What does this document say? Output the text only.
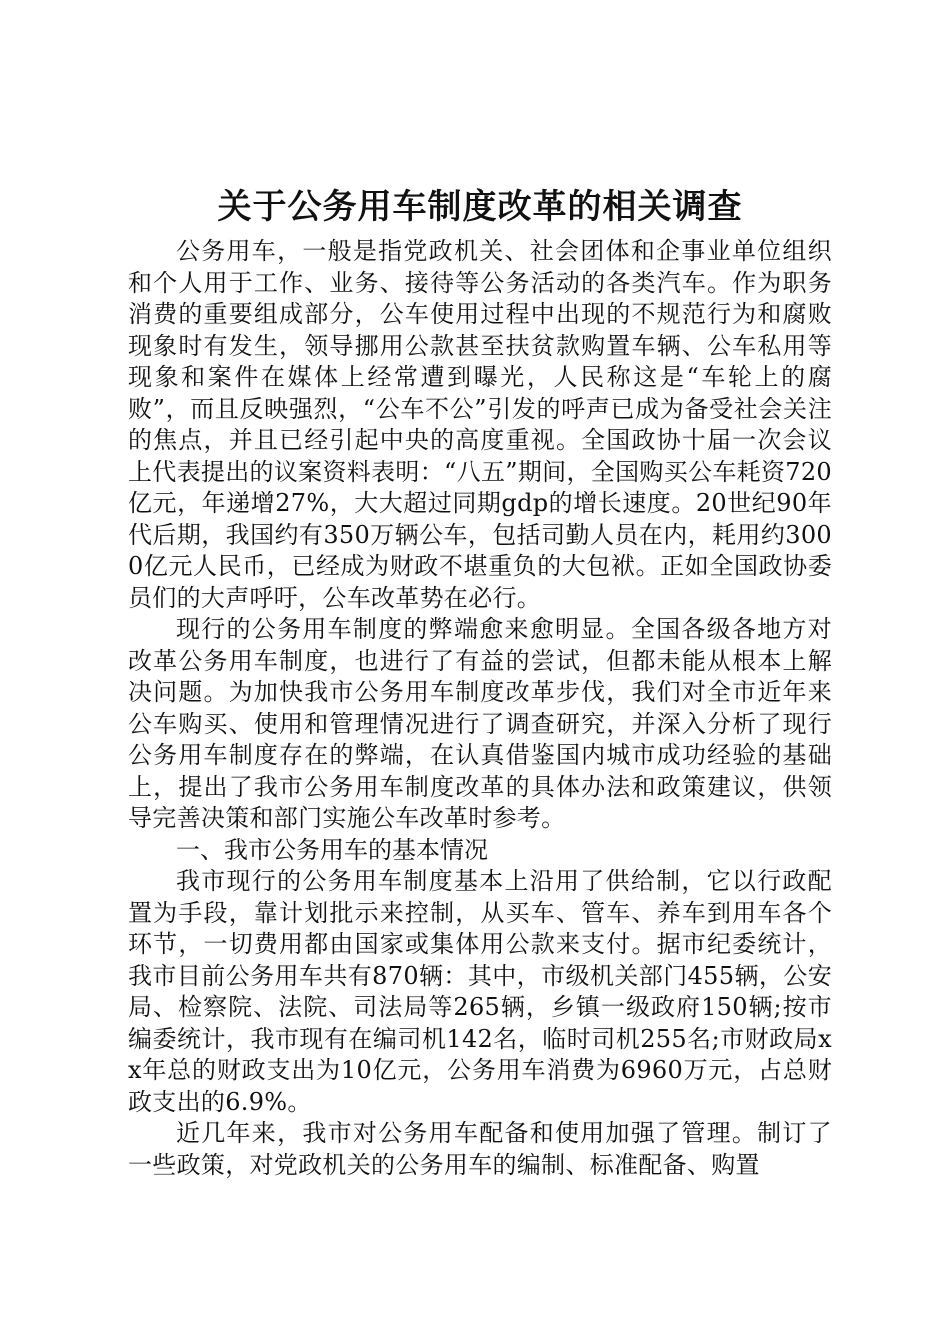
关于公务用车制度改革的相关调查

公务用车，一般是指党政机关、社会团体和企事业单位组织和个人用于工作、业务、接待等公务活动的各类汽车。作为职务消费的重要组成部分，公车使用过程中出现的不规范行为和腐败现象时有发生，领导挪用公款甚至扶贫款购置车辆、公车私用等现象和案件在媒体上经常遭到曝光，人民称这是“车轮上的腐败”，而且反映强烈，“公车不公”引发的呼声已成为备受社会关注的焦点，并且已经引起中央的高度重视。全国政协十届一次会议上代表提出的议案资料表明：“八五”期间，全国购买公车耗资720亿元，年递增27%，大大超过同期gdp的增长速度。20世纪90年代后期，我国约有350万辆公车，包括司勤人员在内，耗用约3000亿元人民币，已经成为财政不堪重负的大包袱。正如全国政协委员们的大声呼吁，公车改革势在必行。

现行的公务用车制度的弊端愈来愈明显。全国各级各地方对改革公务用车制度，也进行了有益的尝试，但都未能从根本上解决问题。为加快我市公务用车制度改革步伐，我们对全市近年来公车购买、使用和管理情况进行了调查研究，并深入分析了现行公务用车制度存在的弊端，在认真借鉴国内城市成功经验的基础上，提出了我市公务用车制度改革的具体办法和政策建议，供领导完善决策和部门实施公车改革时参考。

一、我市公务用车的基本情况

我市现行的公务用车制度基本上沿用了供给制，它以行政配置为手段，靠计划批示来控制，从买车、管车、养车到用车各个环节，一切费用都由国家或集体用公款来支付。据市纪委统计，我市目前公务用车共有870辆：其中，市级机关部门455辆，公安局、检察院、法院、司法局等265辆，乡镇一级政府150辆;按市编委统计，我市现有在编司机142名，临时司机255名;市财政局xx年总的财政支出为10亿元，公务用车消费为6960万元，占总财政支出的6.9%。

近几年来，我市对公务用车配备和使用加强了管理。制订了一些政策，对党政机关的公务用车的编制、标准配备、购置
